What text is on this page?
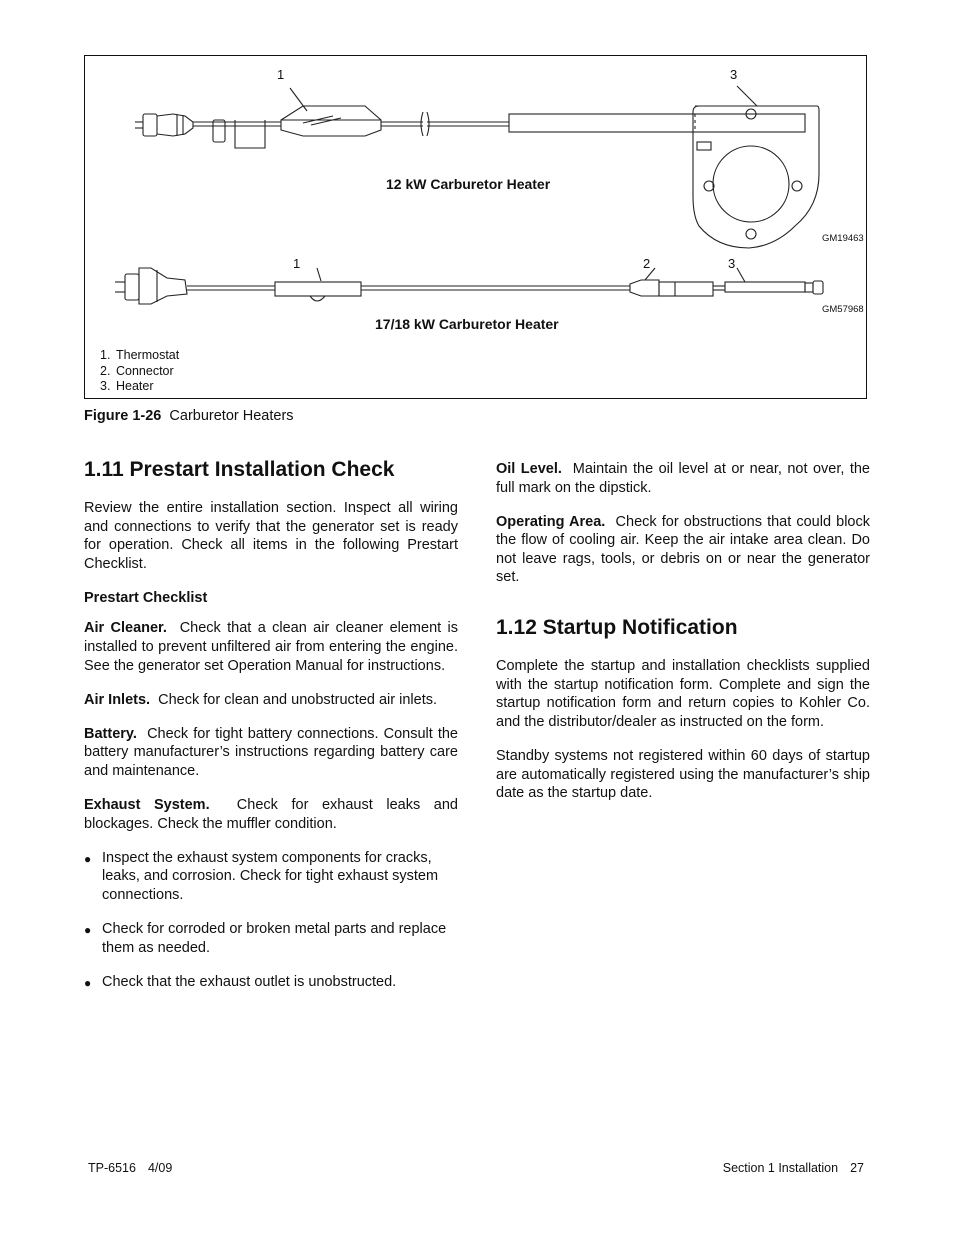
1	3
12 kW Carburetor Heater
GM19463
1	2	3
17/18 kW Carburetor Heater
GM57968
1. Thermostat
2. Connector
3. Heater
Figure 1-26 Carburetor Heaters
1.11 Prestart Installation Check

Review the entire installation section. Inspect all wiring and connections to verify that the generator set is ready for operation. Check all items in the following Prestart Checklist.

Prestart Checklist

Air Cleaner. Check that a clean air cleaner element is installed to prevent unfiltered air from entering the engine. See the generator set Operation Manual for instructions.

Air Inlets. Check for clean and unobstructed air inlets.

Battery. Check for tight battery connections. Consult the battery manufacturer’s instructions regarding battery care and maintenance.

Exhaust System. Check for exhaust leaks and blockages. Check the muffler condition.

● Inspect the exhaust system components for cracks, leaks, and corrosion. Check for tight exhaust system connections.
● Check for corroded or broken metal parts and replace them as needed.
● Check that the exhaust outlet is unobstructed.

Oil Level. Maintain the oil level at or near, not over, the full mark on the dipstick.

Operating Area. Check for obstructions that could block the flow of cooling air. Keep the air intake area clean. Do not leave rags, tools, or debris on or near the generator set.

1.12 Startup Notification

Complete the startup and installation checklists supplied with the startup notification form. Complete and sign the startup notification form and return copies to Kohler Co. and the distributor/dealer as instructed on the form.

Standby systems not registered within 60 days of startup are automatically registered using the manufacturer’s ship date as the startup date.

TP-6516 4/09	Section 1 Installation 27
